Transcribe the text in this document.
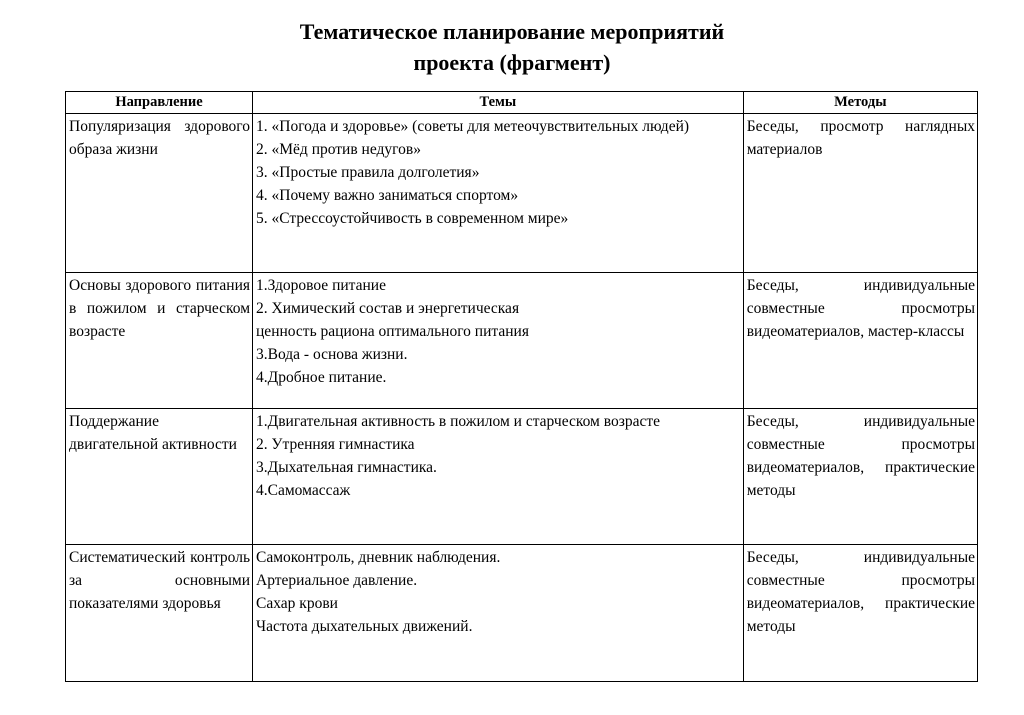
Тематическое планирование мероприятий
проекта (фрагмент)
Направление	Темы	Методы
Популяризация здорового образа жизни	1. «Погода и здоровье» (советы для метеочувствительных людей)
2. «Мёд против недугов»
3. «Простые правила долголетия»
4. «Почему важно заниматься спортом»
5. «Стрессоустойчивость в современном мире»	Беседы, просмотр наглядных материалов
Основы здорового питания в пожилом и старческом возрасте	1.Здоровое питание
2. Химический состав и энергетическая
ценность рациона оптимального питания
3.Вода - основа жизни.
4.Дробное питание.	Беседы, индивидуальные совместные просмотры видеоматериалов, мастер-классы
Поддержание двигательной активности	1.Двигательная активность в пожилом и старческом возрасте
2. Утренняя гимнастика
3.Дыхательная гимнастика.
4.Самомассаж	Беседы, индивидуальные совместные просмотры видеоматериалов, практические методы
Систематический контроль за основными показателями здоровья	Самоконтроль, дневник наблюдения.
Артериальное давление.
Сахар крови
Частота дыхательных движений.	Беседы, индивидуальные совместные просмотры видеоматериалов, практические методы
